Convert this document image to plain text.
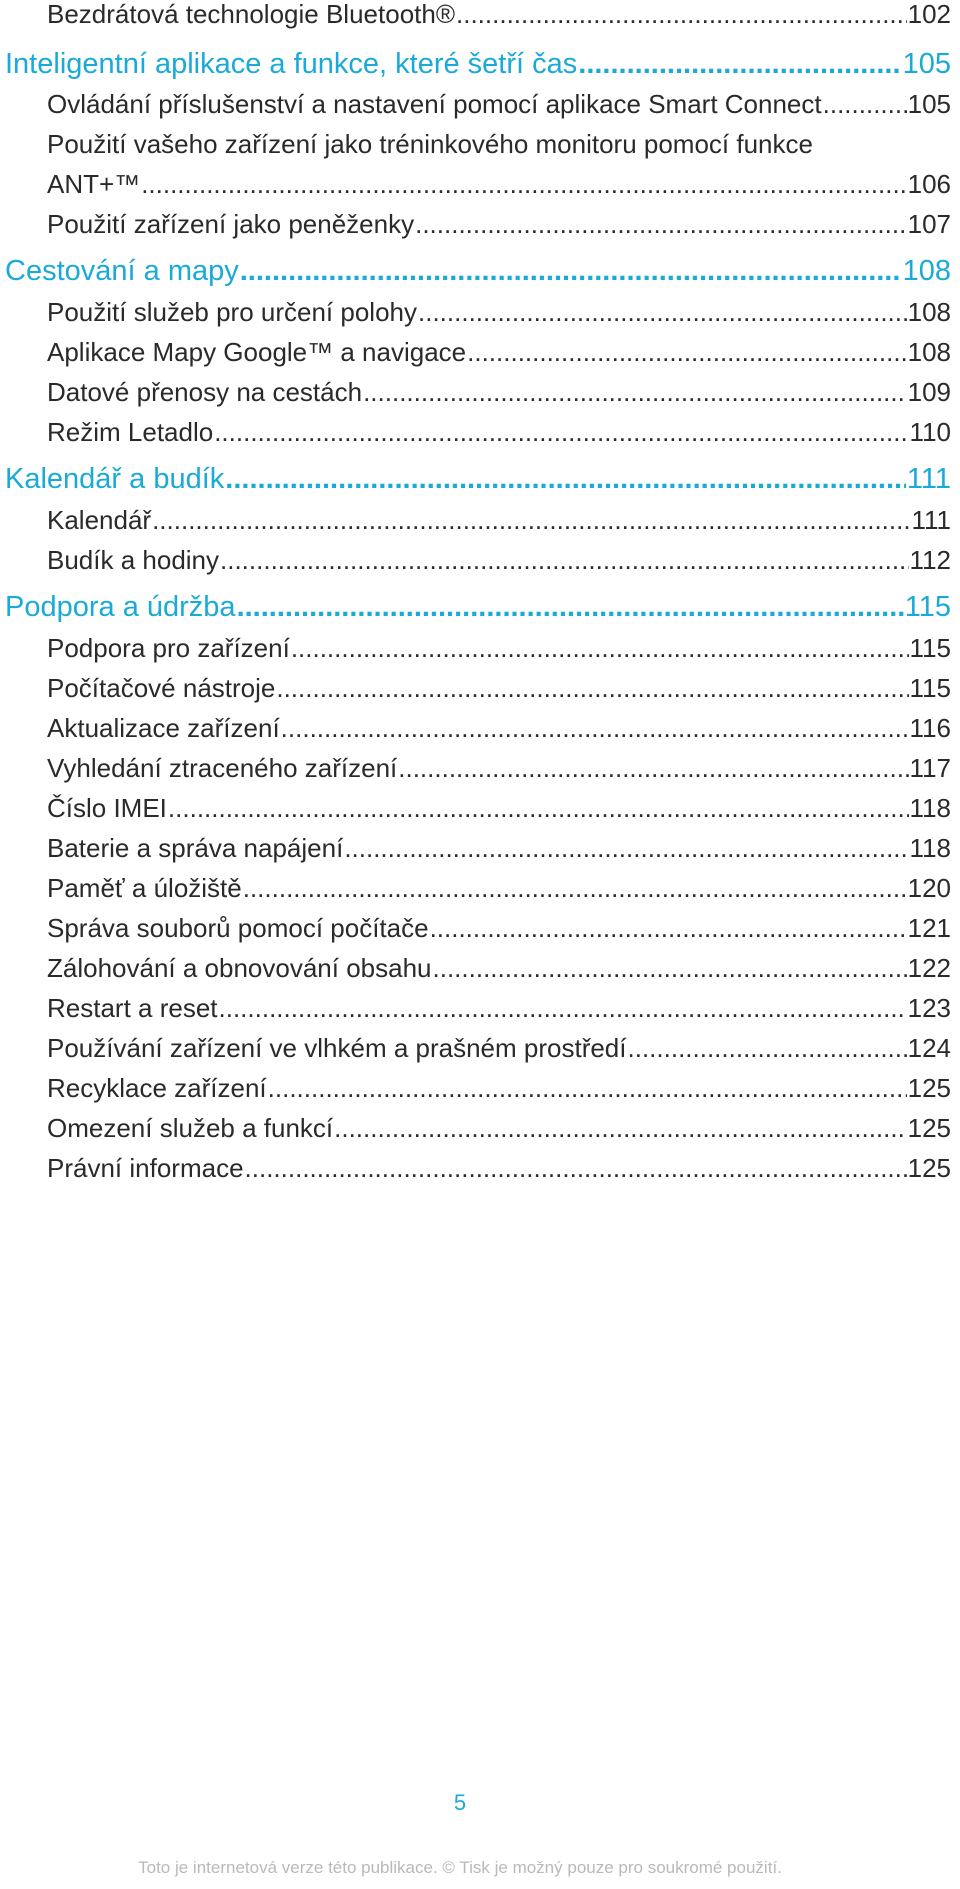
Bezdrátová technologie Bluetooth® .....	102
Inteligentní aplikace a funkce, které šetří čas .....	105
Ovládání příslušenství a nastavení pomocí aplikace Smart Connect .....	105
Použití vašeho zařízení jako tréninkového monitoru pomocí funkce
ANT+™ .....	106
Použití zařízení jako peněženky .....	107
Cestování a mapy .....	108
Použití služeb pro určení polohy .....	108
Aplikace Mapy Google™ a navigace .....	108
Datové přenosy na cestách .....	109
Režim Letadlo .....	110
Kalendář a budík .....	111
Kalendář .....	111
Budík a hodiny .....	112
Podpora a údržba .....	115
Podpora pro zařízení .....	115
Počítačové nástroje .....	115
Aktualizace zařízení .....	116
Vyhledání ztraceného zařízení .....	117
Číslo IMEI .....	118
Baterie a správa napájení .....	118
Paměť a úložiště .....	120
Správa souborů pomocí počítače .....	121
Zálohování a obnovování obsahu .....	122
Restart a reset .....	123
Používání zařízení ve vlhkém a prašném prostředí .....	124
Recyklace zařízení .....	125
Omezení služeb a funkcí .....	125
Právní informace .....	125
5
Toto je internetová verze této publikace. © Tisk je možný pouze pro soukromé použití.
